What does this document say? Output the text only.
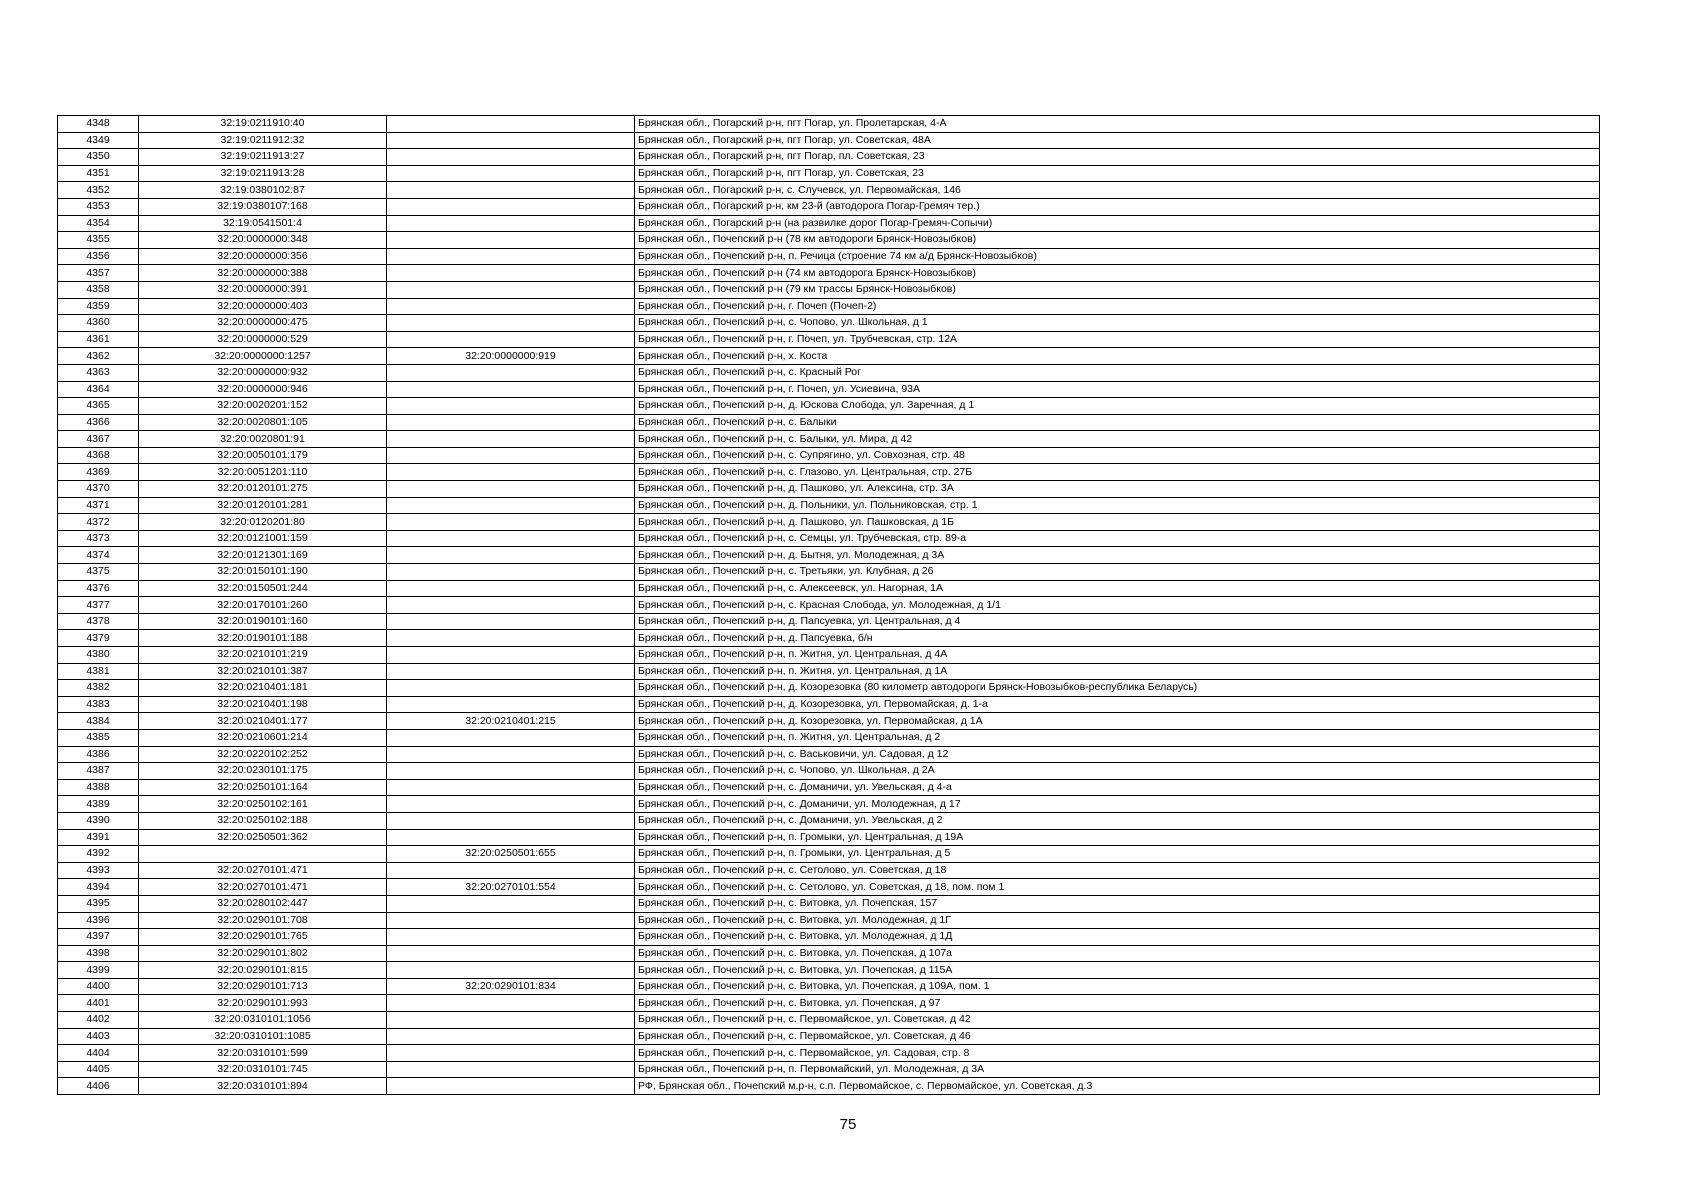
4348	32:19:0211910:40		Брянская обл., Погарский р-н, пгт Погар, ул. Пролетарская, 4-А
4349	32:19:0211912:32		Брянская обл., Погарский р-н, пгт Погар, ул. Советская, 48А
4350	32:19:0211913:27		Брянская обл., Погарский р-н, пгт Погар, пл. Советская, 23
4351	32:19:0211913:28		Брянская обл., Погарский р-н, пгт Погар, ул. Советская, 23
4352	32:19:0380102:87		Брянская обл., Погарский р-н, с. Случевск, ул. Первомайская, 146
4353	32:19:0380107:168		Брянская обл., Погарский р-н, км 23-й (автодорога Погар-Гремяч тер.)
4354	32:19:0541501:4		Брянская обл., Погарский р-н (на развилке дорог Погар-Гремяч-Сопычи)
4355	32:20:0000000:348		Брянская обл., Почепский р-н (78 км автодороги Брянск-Новозыбков)
4356	32:20:0000000:356		Брянская обл., Почепский р-н, п. Речица (строение 74 км а/д Брянск-Новозыбков)
4357	32:20:0000000:388		Брянская обл., Почепский р-н (74 км автодорога Брянск-Новозыбков)
4358	32:20:0000000:391		Брянская обл., Почепский р-н (79 км трассы Брянск-Новозыбков)
4359	32:20:0000000:403		Брянская обл., Почепский р-н, г. Почеп (Почеп-2)
4360	32:20:0000000:475		Брянская обл., Почепский р-н, с. Чопово, ул. Школьная, д 1
4361	32:20:0000000:529		Брянская обл., Почепский р-н, г. Почеп, ул. Трубчевская, стр. 12А
4362	32:20:0000000:1257	32:20:0000000:919	Брянская обл., Почепский р-н, х. Коста
4363	32:20:0000000:932		Брянская обл., Почепский р-н, с. Красный Рог
4364	32:20:0000000:946		Брянская обл., Почепский р-н, г. Почеп, ул. Усиевича, 93А
4365	32:20:0020201:152		Брянская обл., Почепский р-н, д. Юскова Слобода, ул. Заречная, д 1
4366	32:20:0020801:105		Брянская обл., Почепский р-н, с. Балыки
4367	32:20:0020801:91		Брянская обл., Почепский р-н, с. Балыки, ул. Мира, д 42
4368	32:20:0050101:179		Брянская обл., Почепский р-н, с. Супрягино, ул. Совхозная, стр. 48
4369	32:20:0051201:110		Брянская обл., Почепский р-н, с. Глазово, ул. Центральная, стр. 27Б
4370	32:20:0120101:275		Брянская обл., Почепский р-н, д. Пашково, ул. Алексина, стр. 3А
4371	32:20:0120101:281		Брянская обл., Почепский р-н, д. Польники, ул. Польниковская, стр. 1
4372	32:20:0120201:80		Брянская обл., Почепский р-н, д. Пашково, ул. Пашковская, д 1Б
4373	32:20:0121001:159		Брянская обл., Почепский р-н, с. Семцы, ул. Трубчевская, стр. 89-а
4374	32:20:0121301:169		Брянская обл., Почепский р-н, д. Бытня, ул. Молодежная, д 3А
4375	32:20:0150101:190		Брянская обл., Почепский р-н, с. Третьяки, ул. Клубная, д 26
4376	32:20:0150501:244		Брянская обл., Почепский р-н, с. Алексеевск, ул. Нагорная, 1А
4377	32:20:0170101:260		Брянская обл., Почепский р-н, с. Красная Слобода, ул. Молодежная, д 1/1
4378	32:20:0190101:160		Брянская обл., Почепский р-н, д. Папсуевка, ул. Центральная, д 4
4379	32:20:0190101:188		Брянская обл., Почепский р-н, д. Папсуевка, б/н
4380	32:20:0210101:219		Брянская обл., Почепский р-н, п. Житня, ул. Центральная, д 4А
4381	32:20:0210101:387		Брянская обл., Почепский р-н, п. Житня, ул. Центральная, д 1А
4382	32:20:0210401:181		Брянская обл., Почепский р-н, д. Козорезовка (80 километр автодороги Брянск-Новозыбков-республика Беларусь)
4383	32:20:0210401:198		Брянская обл., Почепский р-н, д. Козорезовка, ул. Первомайская, д. 1-а
4384	32:20:0210401:177	32:20:0210401:215	Брянская обл., Почепский р-н, д. Козорезовка, ул. Первомайская, д 1А
4385	32:20:0210601:214		Брянская обл., Почепский р-н, п. Житня, ул. Центральная, д 2
4386	32:20:0220102:252		Брянская обл., Почепский р-н, с. Васьковичи, ул. Садовая, д 12
4387	32:20:0230101:175		Брянская обл., Почепский р-н, с. Чопово, ул. Школьная, д 2А
4388	32:20:0250101:164		Брянская обл., Почепский р-н, с. Доманичи, ул. Увельская, д 4-а
4389	32:20:0250102:161		Брянская обл., Почепский р-н, с. Доманичи, ул. Молодежная, д 17
4390	32:20:0250102:188		Брянская обл., Почепский р-н, с. Доманичи, ул. Увельская, д 2
4391	32:20:0250501:362		Брянская обл., Почепский р-н, п. Громыки, ул. Центральная, д 19А
4392		32:20:0250501:655	Брянская обл., Почепский р-н, п. Громыки, ул. Центральная, д 5
4393	32:20:0270101:471		Брянская обл., Почепский р-н, с. Сетолово, ул. Советская, д 18
4394	32:20:0270101:471	32:20:0270101:554	Брянская обл., Почепский р-н, с. Сетолово, ул. Советская, д 18, пом. пом 1
4395	32:20:0280102:447		Брянская обл., Почепский р-н, с. Витовка, ул. Почепская, 157
4396	32:20:0290101:708		Брянская обл., Почепский р-н, с. Витовка, ул. Молодежная, д 1Г
4397	32:20:0290101:765		Брянская обл., Почепский р-н, с. Витовка, ул. Молодежная, д 1Д
4398	32:20:0290101:802		Брянская обл., Почепский р-н, с. Витовка, ул. Почепская, д 107а
4399	32:20:0290101:815		Брянская обл., Почепский р-н, с. Витовка, ул. Почепская, д 115А
4400	32:20:0290101:713	32:20:0290101:834	Брянская обл., Почепский р-н, с. Витовка, ул. Почепская, д 109А, пом. 1
4401	32:20:0290101:993		Брянская обл., Почепский р-н, с. Витовка, ул. Почепская, д 97
4402	32:20:0310101:1056		Брянская обл., Почепский р-н, с. Первомайское, ул. Советская, д 42
4403	32:20:0310101:1085		Брянская обл., Почепский р-н, с. Первомайское, ул. Советская, д 46
4404	32:20:0310101:599		Брянская обл., Почепский р-н, с. Первомайское, ул. Садовая, стр. 8
4405	32:20:0310101:745		Брянская обл., Почепский р-н, п. Первомайский, ул. Молодежная, д 3А
4406	32:20:0310101:894		РФ, Брянская обл., Почепский м.р-н, с.п. Первомайское, с. Первомайское, ул. Советская, д.3
75
